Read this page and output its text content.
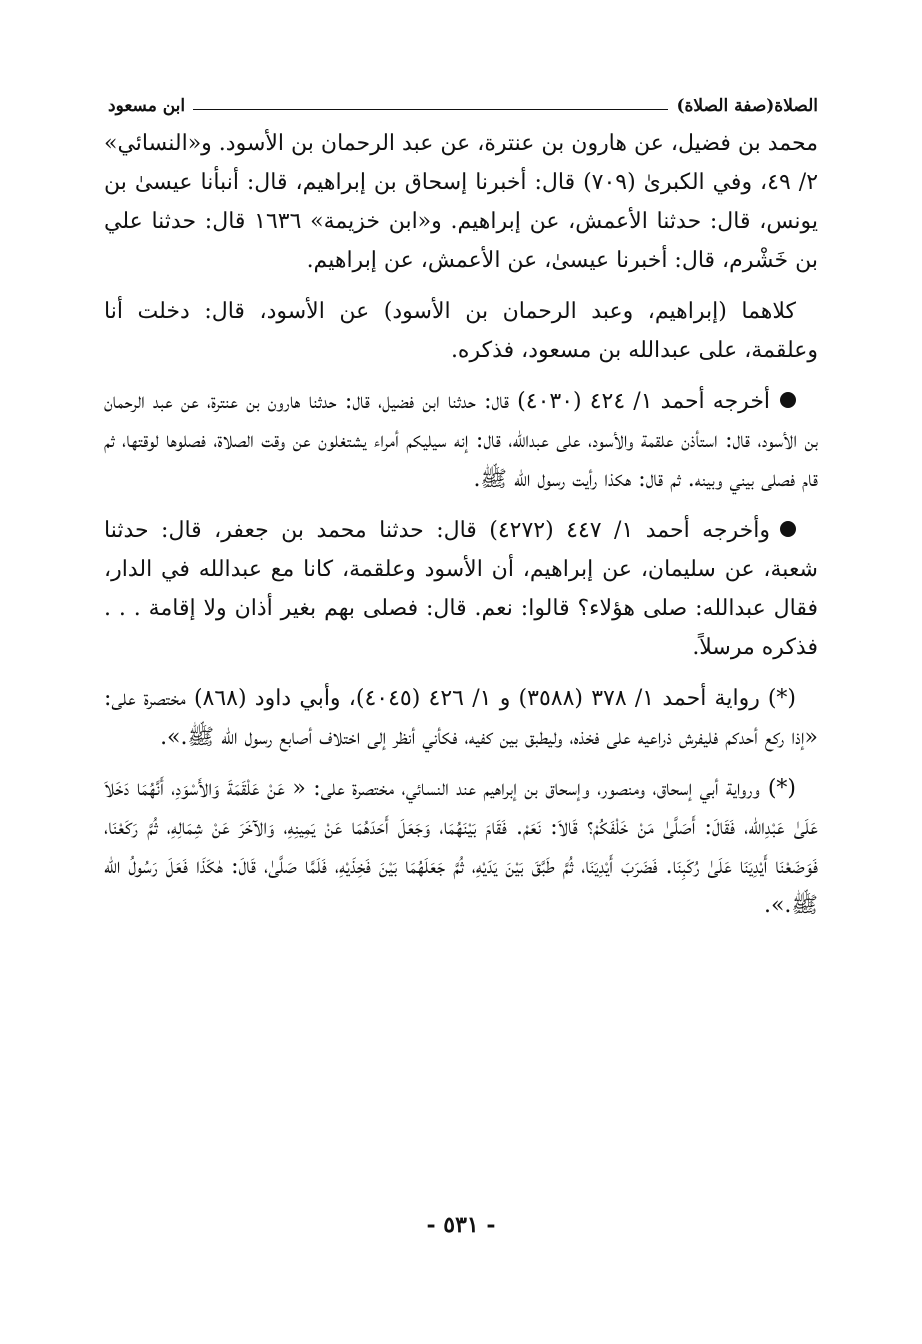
الصلاة(صفة الصلاة)
ابن مسعود

محمد بن فضيل، عن هارون بن عنترة، عن عبد الرحمان بن الأسود. و«النسائي» ٢/ ٤٩، وفي الكبرىٰ (٧٠٩) قال: أخبرنا إسحاق بن إبراهيم، قال: أنبأنا عيسىٰ بن يونس، قال: حدثنا الأعمش، عن إبراهيم. و«ابن خزيمة» ١٦٣٦ قال: حدثنا علي بن خَشْرم، قال: أخبرنا عيسىٰ، عن الأعمش، عن إبراهيم.

كلاهما (إبراهيم، وعبد الرحمان بن الأسود) عن الأسود، قال: دخلت أنا وعلقمة، على عبدالله بن مسعود، فذكره.

أخرجه أحمد ١/ ٤٢٤ (٤٠٣٠) قال: حدثنا ابن فضيل، قال: حدثنا هارون بن عنترة، عن عبد الرحمان بن الأسود، قال: استأذن علقمة والأسود، على عبدالله، قال: إنه سيليكم أمراء يشتغلون عن وقت الصلاة، فصلوها لوقتها، ثم قام فصلى بيني وبينه. ثم قال: هكذا رأيت رسول الله ﷺ.

وأخرجه أحمد ١/ ٤٤٧ (٤٢٧٢) قال: حدثنا محمد بن جعفر، قال: حدثنا شعبة، عن سليمان، عن إبراهيم، أن الأسود وعلقمة، كانا مع عبدالله في الدار، فقال عبدالله: صلى هؤلاء؟ قالوا: نعم. قال: فصلى بهم بغير أذان ولا إقامة . . . فذكره مرسلاً.

(*)رواية أحمد ١/ ٣٧٨ (٣٥٨٨) و ١/ ٤٢٦ (٤٠٤٥)، وأبي داود (٨٦٨) مختصرة على: «إذا ركع أحدكم فليفرش ذراعيه على فخذه، وليطبق بين كفيه، فكأني أنظر إلى اختلاف أصابع رسول الله ﷺ.».

(*)ورواية أبي إسحاق، ومنصور، وإسحاق بن إبراهيم عند النسائي، مختصرة على: « عَنْ عَلْقَمَةَ وَالأَسْوَدِ، أَنَّهُمَا دَخَلاَ عَلَىٰ عَبْدِالله، فَقَالَ: أَصَلَّىٰ مَنْ خَلْفَكُمْ؟ قَالاَ: نَعَمْ. فَقَامَ بَيْنَهُمَا، وَجَعَلَ أَحَدَهُمَا عَنْ يَمِينِهِ، وَالآخَرَ عَنْ شِمَالِهِ، ثُمَّ رَكَعْنَا، فَوَضَعْنَا أَيْدِيَنَا عَلَىٰ رُكَبِنَا. فَضَرَبَ أَيْدِيَنَا، ثُمَّ طَبَّقَ بَيْنَ يَدَيْهِ، ثُمَّ جَعَلَهُمَا بَيْنَ فَخِذَيْهِ، فَلَمَّا صَلَّىٰ، قَالَ: هٰكَذَا فَعَلَ رَسُولُ الله ﷺ.».

- ٥٣١ -
